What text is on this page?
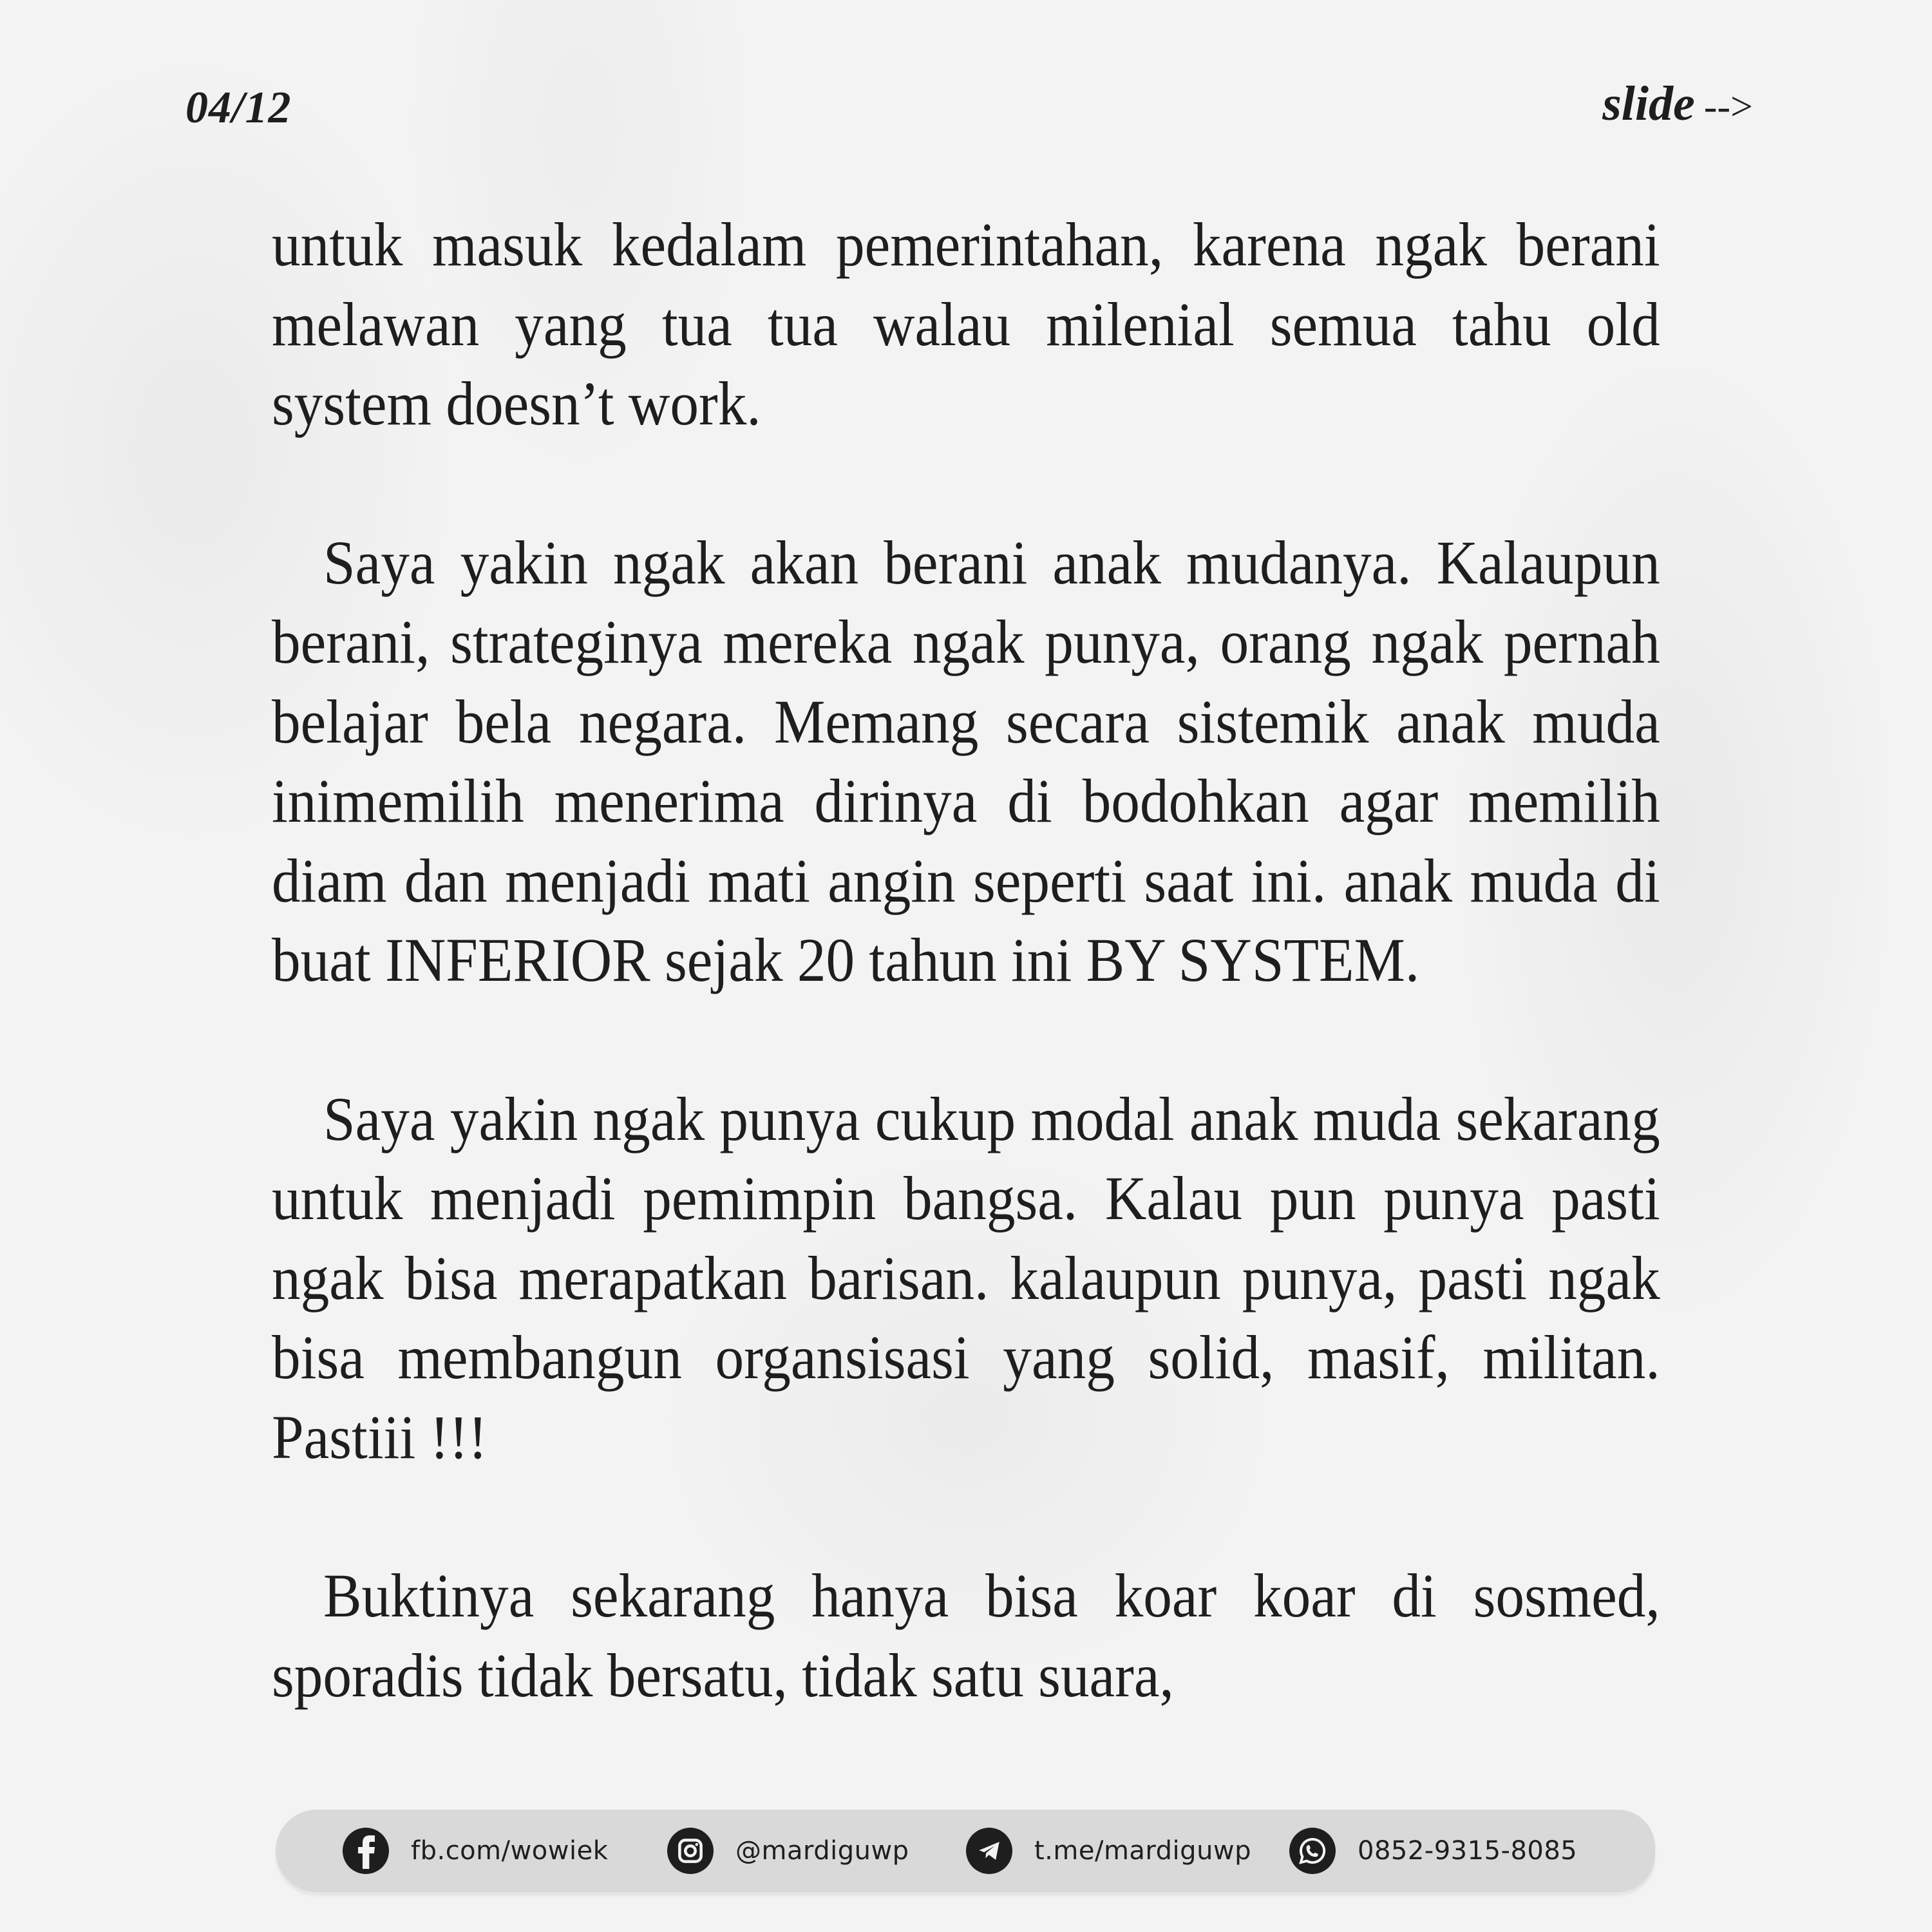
04/12	slide -->

untuk masuk kedalam pemerintahan, karena ngak berani melawan yang tua tua walau milenial semua tahu old system doesn’t work.

Saya yakin ngak akan berani anak mudanya. Kalaupun berani, strateginya mereka ngak punya, orang ngak pernah belajar bela negara. Memang secara sistemik anak muda inimemilih menerima dirinya di bodohkan agar memilih diam dan menjadi mati angin seperti saat ini. anak muda di buat INFERIOR sejak 20 tahun ini BY SYSTEM.

Saya yakin ngak punya cukup modal anak muda sekarang untuk menjadi pemimpin bangsa. Kalau pun punya pasti ngak bisa merapatkan barisan. kalaupun punya, pasti ngak bisa membangun organsisasi yang solid, masif, militan. Pastiii !!!

Buktinya sekarang hanya bisa koar koar di sosmed, sporadis tidak bersatu, tidak satu suara,

fb.com/wowiek	@mardiguwp	t.me/mardiguwp	0852-9315-8085
